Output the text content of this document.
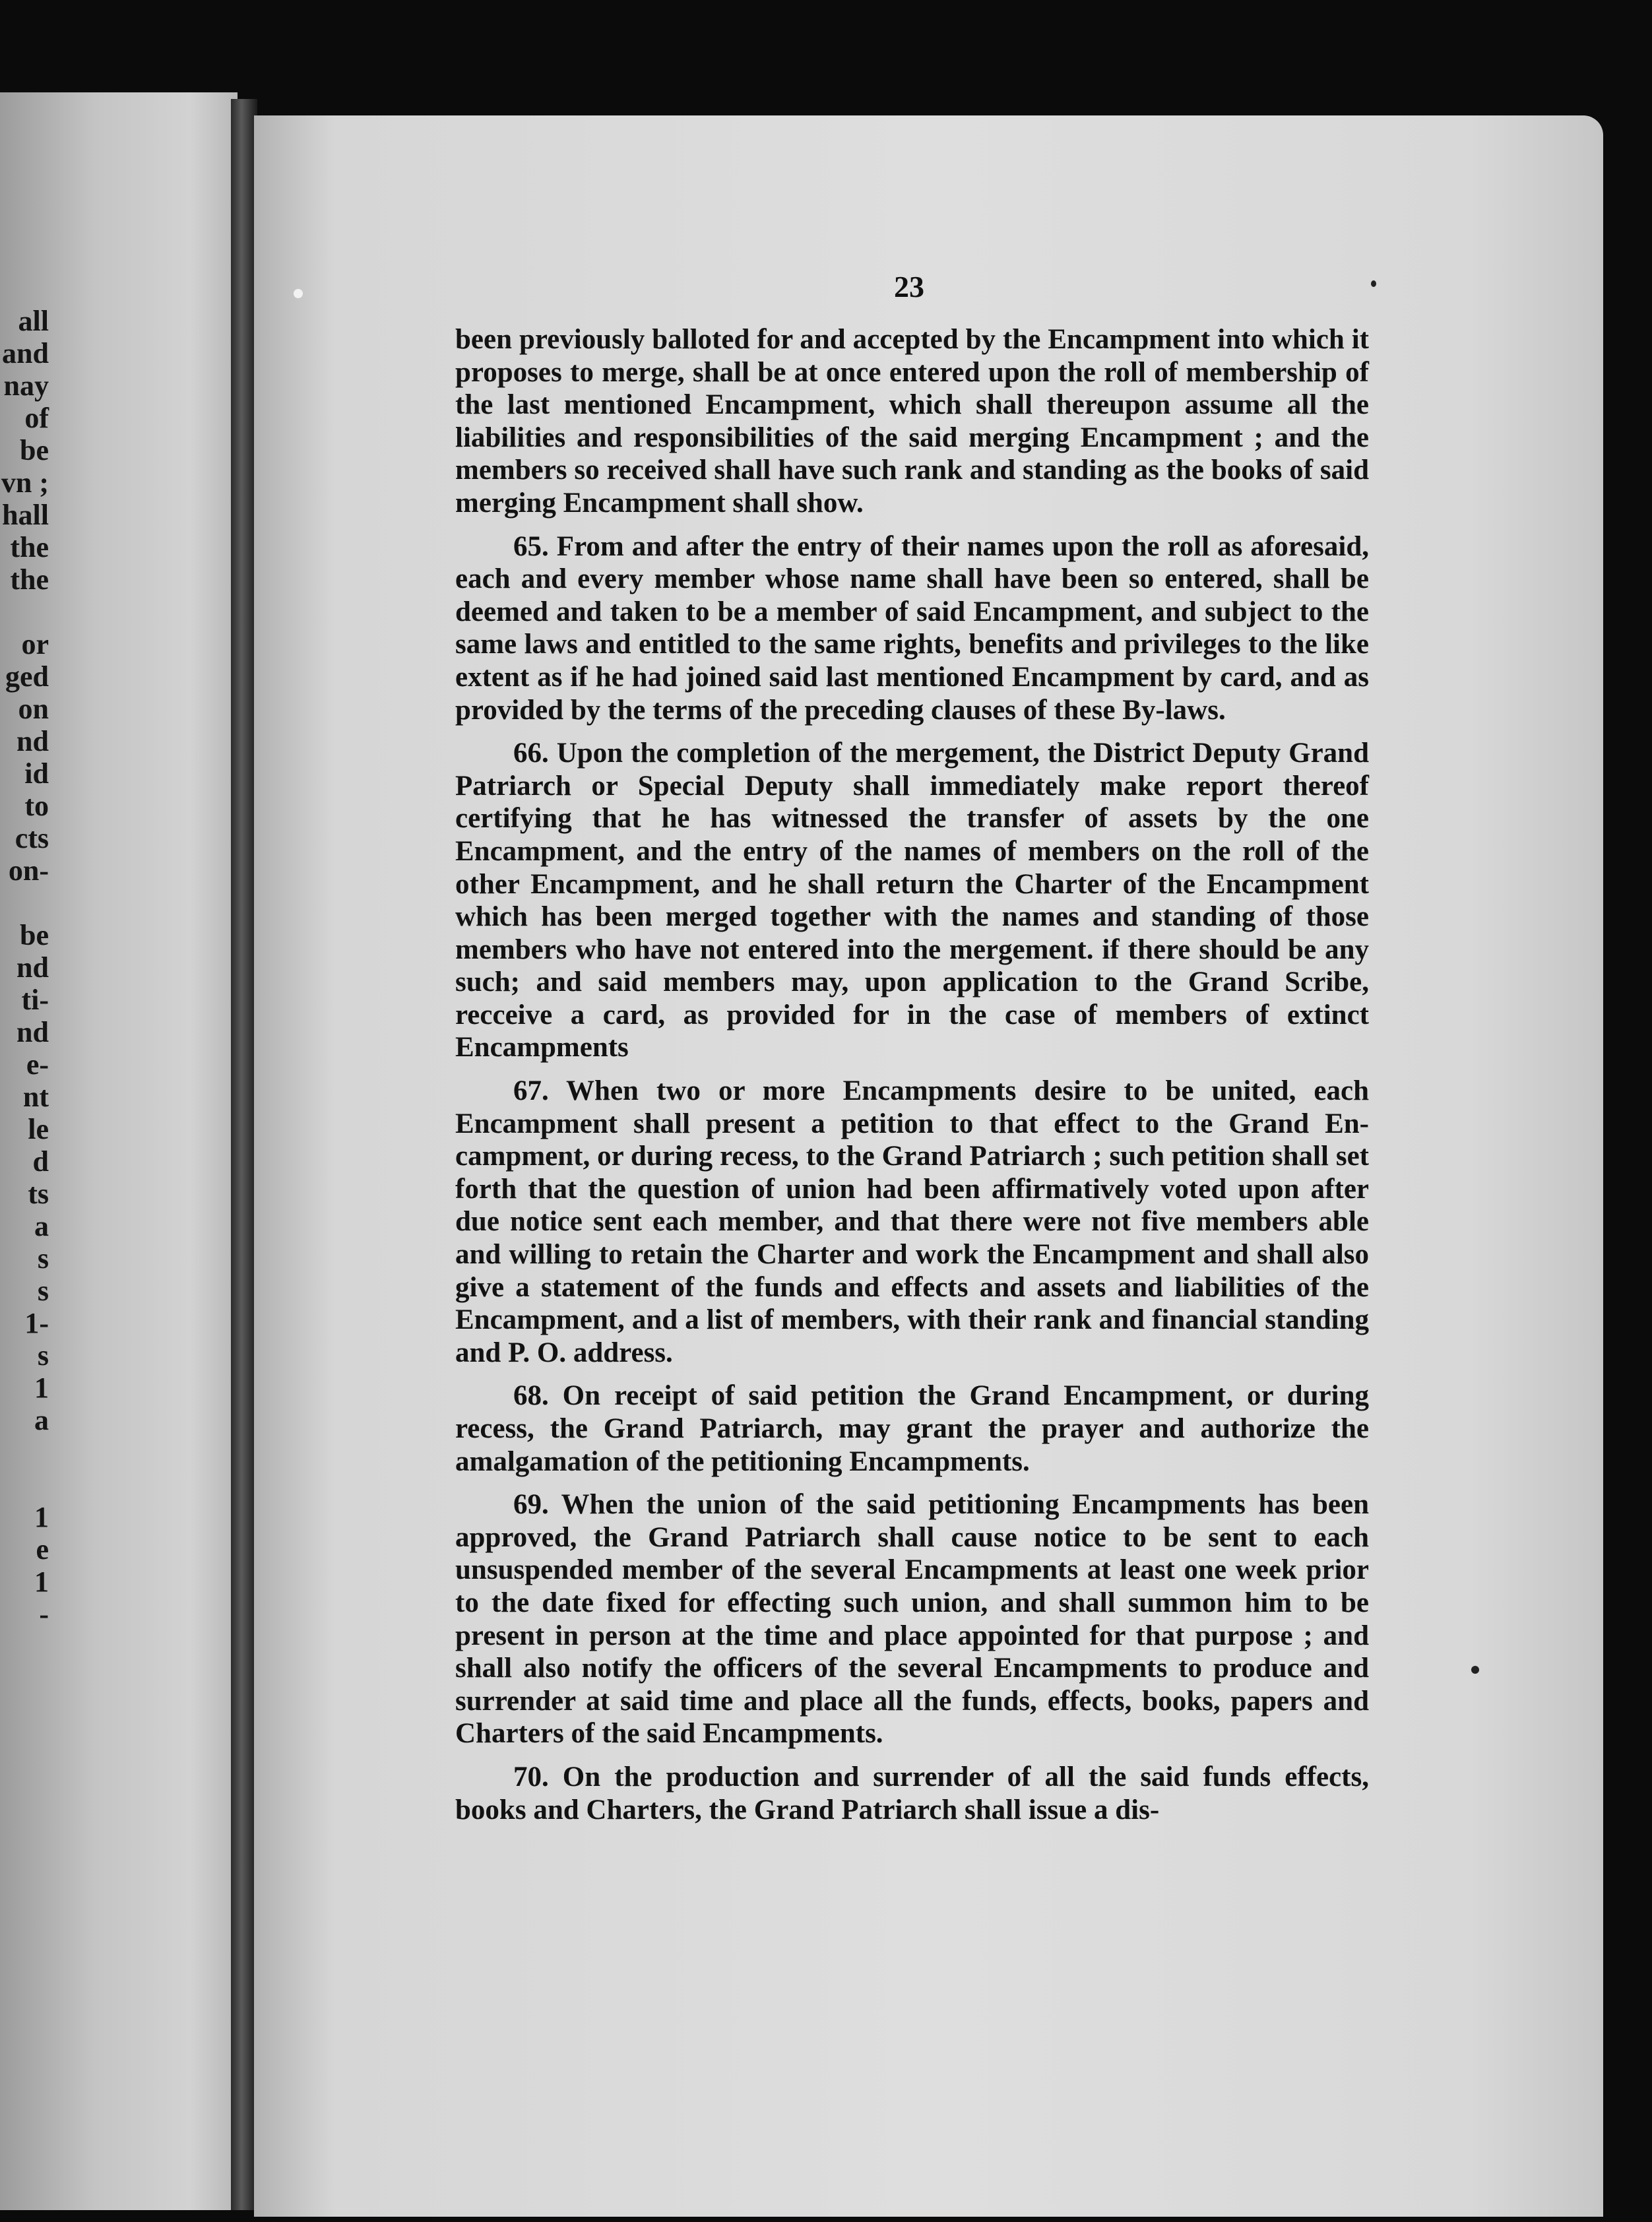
all
and
nay
of
be
vn ;
hall
the
the
or
ged
on
nd
id
to
cts
on-
be
nd
ti-
nd
e-
nt
le
d
ts
a
s
s
1-
s
1
a
1
e
1
-
23

been previously balloted for and accepted by the Encampment into which it proposes to merge, shall be at once entered upon the roll of membership of the last mentioned Encampment, which shall thereupon assume all the liabilities and responsibilities of the said merging Encampment ; and the members so received shall have such rank and standing as the books of said merging Encampment shall show.

65. From and after the entry of their names upon the roll as aforesaid, each and every member whose name shall have been so entered, shall be deemed and taken to be a member of said Encampment, and subject to the same laws and entitled to the same rights, benefits and privileges to the like extent as if he had joined said last mentioned Encampment by card, and as provided by the terms of the preceding clauses of these By-laws.

66. Upon the completion of the mergement, the District Deputy Grand Patriarch or Special Deputy shall immediately make report thereof certifying that he has witnessed the transfer of assets by the one Encampment, and the entry of the names of members on the roll of the other Encampment, and he shall return the Charter of the Encampment which has been merged together with the names and standing of those members who have not entered into the mergement. if there should be any such; and said members may, upon application to the Grand Scribe, recceive a card, as provided for in the case of members of extinct Encampments

67. When two or more Encampments desire to be united, each Encampment shall present a petition to that effect to the Grand Encampment, or during recess, to the Grand Patriarch ; such petition shall set forth that the question of union had been affirmatively voted upon after due notice sent each member, and that there were not five members able and willing to retain the Charter and work the Encampment and shall also give a statement of the funds and effects and assets and liabilities of the Encampment, and a list of members, with their rank and financial standing and P. O. address.

68. On receipt of said petition the Grand Encampment, or during recess, the Grand Patriarch, may grant the prayer and authorize the amalgamation of the petitioning Encampments.

69. When the union of the said petitioning Encampments has been approved, the Grand Patriarch shall cause notice to be sent to each unsuspended member of the several Encampments at least one week prior to the date fixed for effecting such union, and shall summon him to be present in person at the time and place appointed for that purpose ; and shall also notify the officers of the several Encampments to produce and surrender at said time and place all the funds, effects, books, papers and Charters of the said Encampments.

70. On the production and surrender of all the said funds effects, books and Charters, the Grand Patriarch shall issue a dis-
